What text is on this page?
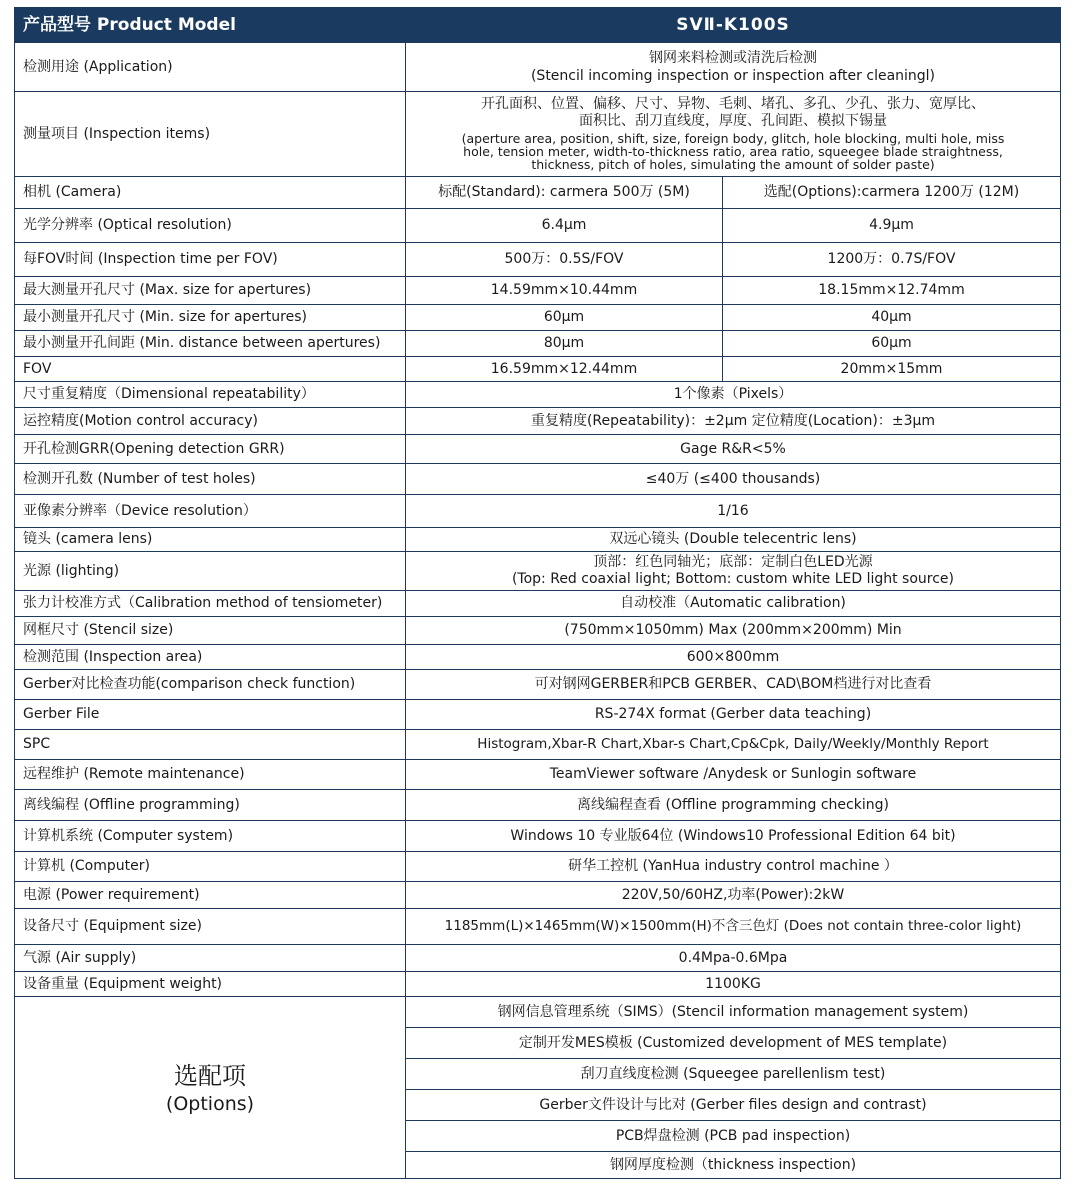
产品型号 Product Model	SVⅡ-K100S	
检测用途 (Application)	钢网来料检测或清洗后检测
(Stencil incoming inspection or inspection after cleaningl)	

测量项目 (Inspection items)	开孔面积、位置、偏移、尺寸、异物、毛刺、堵孔、多孔、少孔、张力、宽厚比、
面积比、刮刀直线度，厚度、孔间距、模拟下锡量
(aperture area, position, shift, size, foreign body, glitch, hole blocking, multi hole, miss
hole, tension meter, width-to-thickness ratio, area ratio, squeegee blade straightness,
thickness, pitch of holes, simulating the amount of solder paste)	

相机 (Camera)	标配(Standard): carmera 500万 (5M)	选配(Options):carmera 1200万 (12M)
光学分辨率 (Optical resolution)	6.4μm	4.9μm
每FOV时间 (Inspection time per FOV)	500万：0.5S/FOV	1200万：0.7S/FOV
最大测量开孔尺寸 (Max. size for apertures)	14.59mm×10.44mm	18.15mm×12.74mm
最小测量开孔尺寸 (Min. size for apertures)	60μm	40μm
最小测量开孔间距 (Min. distance between apertures)	80μm	60μm
FOV	16.59mm×12.44mm	20mm×15mm
尺寸重复精度（Dimensional repeatability）	1个像素（Pixels）	
运控精度(Motion control accuracy)	重复精度(Repeatability)：±2μm 定位精度(Location)：±3μm	
开孔检测GRR(Opening detection GRR)	Gage R&R<5%	
检测开孔数 (Number of test holes)	≤40万 (≤400 thousands)	
亚像素分辨率（Device resolution）	1/16	
镜头 (camera lens)	双远心镜头 (Double telecentric lens)	
光源 (lighting)	顶部：红色同轴光；底部：定制白色LED光源
(Top: Red coaxial light; Bottom: custom white LED light source)	

张力计校准方式（Calibration method of tensiometer)	自动校准（Automatic calibration)	
网框尺寸 (Stencil size)	(750mm×1050mm) Max (200mm×200mm) Min	
检测范围 (Inspection area)	600×800mm	
Gerber对比检查功能(comparison check function)	可对钢网GERBER和PCB GERBER、CAD\BOM档进行对比查看	
Gerber File	RS-274X format (Gerber data teaching)	
SPC	Histogram,Xbar-R Chart,Xbar-s Chart,Cp&Cpk, Daily/Weekly/Monthly Report	
远程维护 (Remote maintenance)	TeamViewer software /Anydesk or Sunlogin software	
离线编程 (Offline programming)	离线编程查看 (Offline programming checking)	
计算机系统 (Computer system)	Windows 10 专业版64位 (Windows10 Professional Edition 64 bit)	
计算机 (Computer)	研华工控机 (YanHua industry control machine ）	
电源 (Power requirement)	220V,50/60HZ,功率(Power):2kW	
设备尺寸 (Equipment size)	1185mm(L)×1465mm(W)×1500mm(H)不含三色灯 (Does not contain three-color light)	
气源 (Air supply)	0.4Mpa-0.6Mpa	
设备重量 (Equipment weight)	1100KG	

选配项
(Options)	钢网信息管理系统（SIMS）(Stencil information management system)	
	定制开发MES模板 (Customized development of MES template)	
	刮刀直线度检测 (Squeegee parellenlism test)	
	Gerber文件设计与比对 (Gerber files design and contrast)	
	PCB焊盘检测 (PCB pad inspection)	
	钢网厚度检测（thickness inspection)	
